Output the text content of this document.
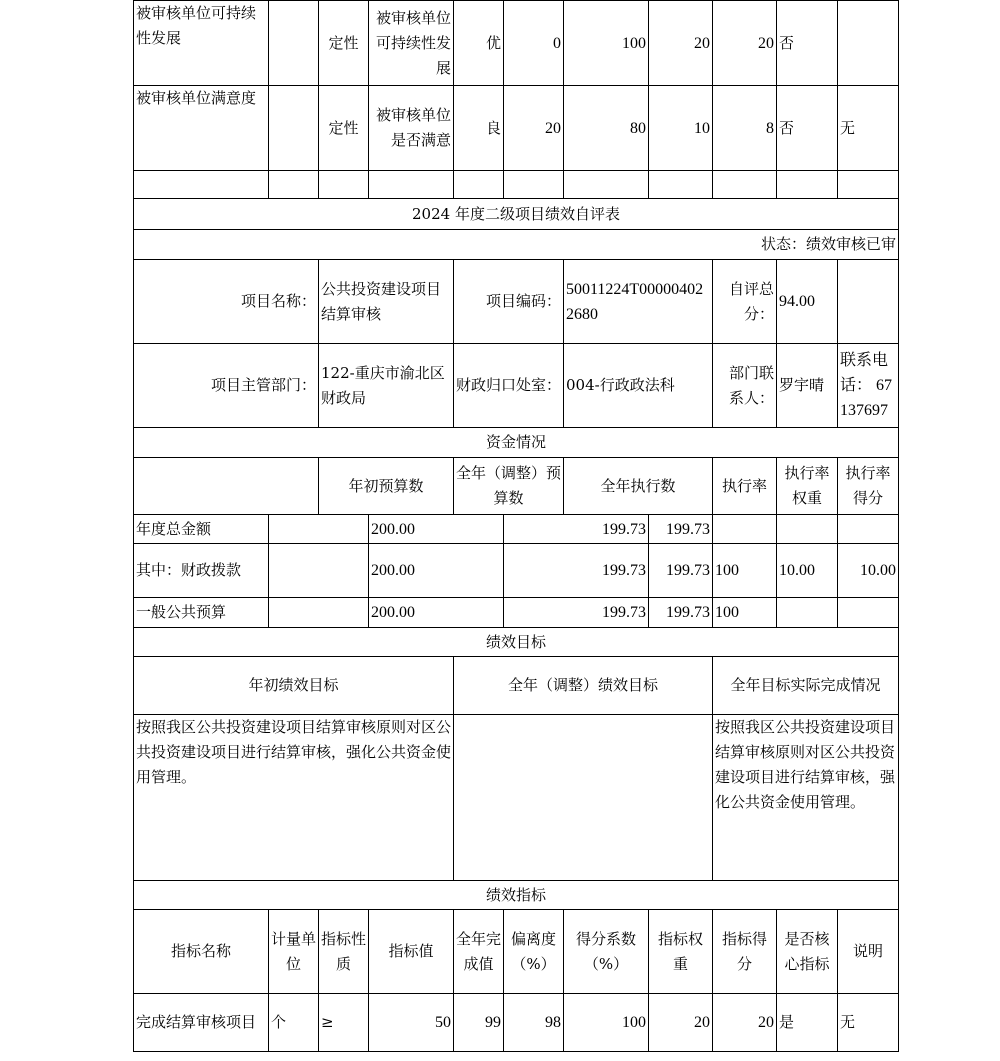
被审核单位可持续性发展		定性	被审核单位可持续性发展	优	0	100	20	20	否	
被审核单位满意度		定性	被审核单位是否满意	良	20	80	10	8	否	无

2024 年度二级项目绩效自评表										
状态：绩效审核已审										
项目名称：		公共投资建设项目结算审核		项目编码：		50011224T000004022680		自评总分：	94.00	
项目主管部门：		122-重庆市渝北区财政局		财政归口处室：		004-行政政法科		部门联系人：	罗宇晴	联系电话： 67137697
资金情况										
		年初预算数		全年（调整）预算数		全年执行数		执行率	执行率权重	执行率得分
年度总金额			200.00		199.73		199.73			
其中：财政拨款			200.00		199.73		199.73	100	10.00	10.00
一般公共预算			200.00		199.73		199.73	100		
绩效目标										
年初绩效目标				全年（调整）绩效目标				全年目标实际完成情况		
按照我区公共投资建设项目结算审核原则对区公共投资建设项目进行结算审核，强化公共资金使用管理。								按照我区公共投资建设项目结算审核原则对区公共投资建设项目进行结算审核，强化公共资金使用管理。		
绩效指标										
指标名称	计量单位	指标性质	指标值	全年完成值	偏离度（%）	得分系数（%）	指标权重	指标得分	是否核心指标	说明
完成结算审核项目	个	≥	50	99	98	100	20	20	是	无
